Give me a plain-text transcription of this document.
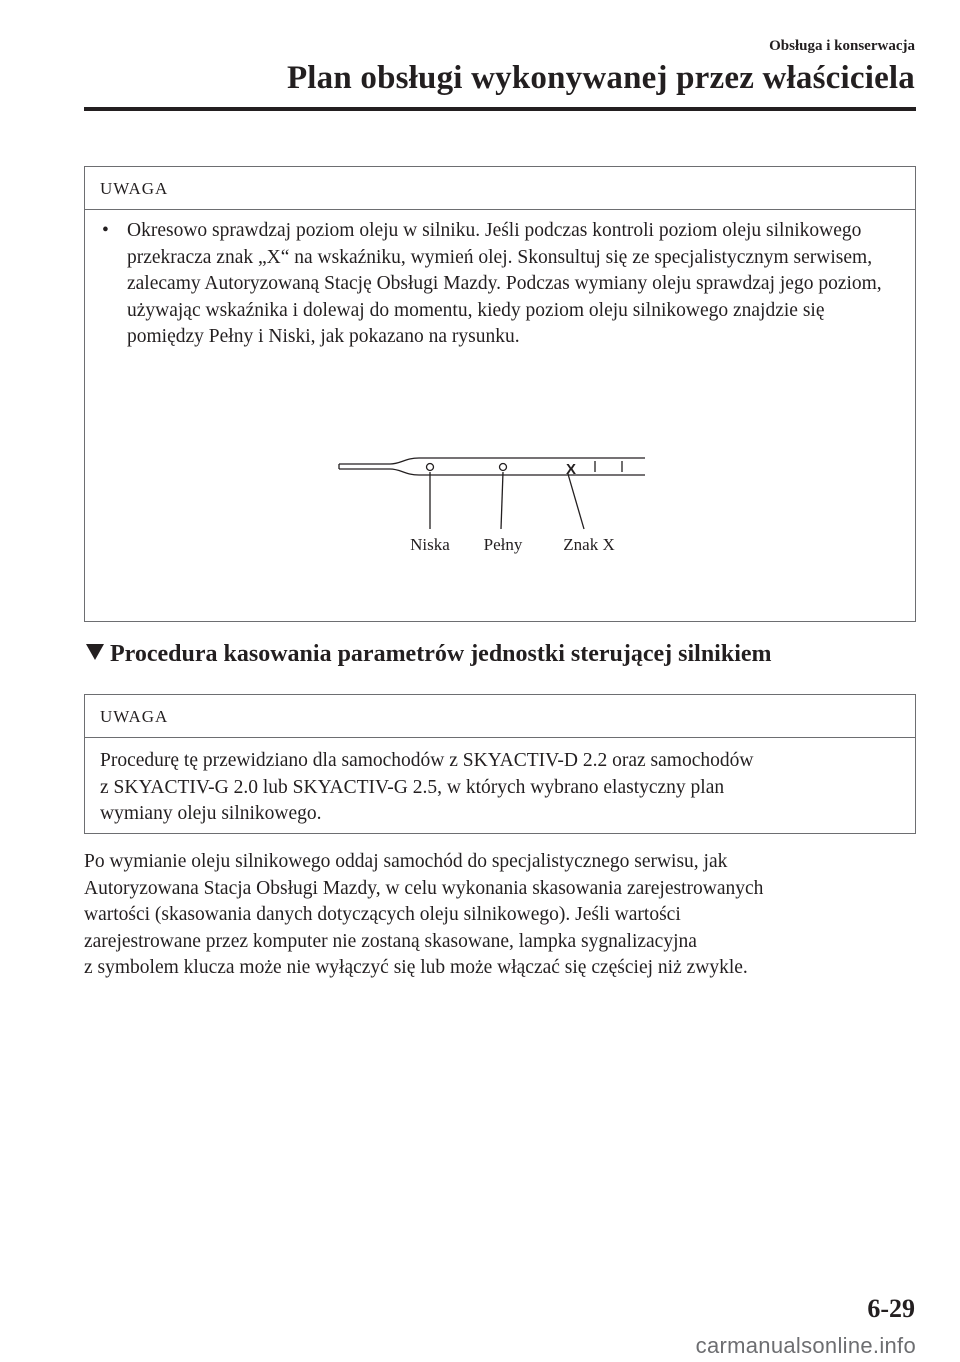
Obsługa i konserwacja
Plan obsługi wykonywanej przez właściciela
UWAGA
• Okresowo sprawdzaj poziom oleju w silniku. Jeśli podczas kontroli poziom oleju silnikowego przekracza znak „X“ na wskaźniku, wymień olej. Skonsultuj się ze specjalistycznym serwisem, zalecamy Autoryzowaną Stację Obsługi Mazdy. Podczas wymiany oleju sprawdzaj jego poziom, używając wskaźnika i dolewaj do momentu, kiedy poziom oleju silnikowego znajdzie się pomiędzy Pełny i Niski, jak pokazano na rysunku.
X
Niska Pełny Znak X
Procedura kasowania parametrów jednostki sterującej silnikiem
UWAGA
Procedurę tę przewidziano dla samochodów z SKYACTIV-D 2.2 oraz samochodów
z SKYACTIV-G 2.0 lub SKYACTIV-G 2.5, w których wybrano elastyczny plan
wymiany oleju silnikowego.
Po wymianie oleju silnikowego oddaj samochód do specjalistycznego serwisu, jak
Autoryzowana Stacja Obsługi Mazdy, w celu wykonania skasowania zarejestrowanych
wartości (skasowania danych dotyczących oleju silnikowego). Jeśli wartości
zarejestrowane przez komputer nie zostaną skasowane, lampka sygnalizacyjna
z symbolem klucza może nie wyłączyć się lub może włączać się częściej niż zwykle.
6-29
carmanualsonline.info
